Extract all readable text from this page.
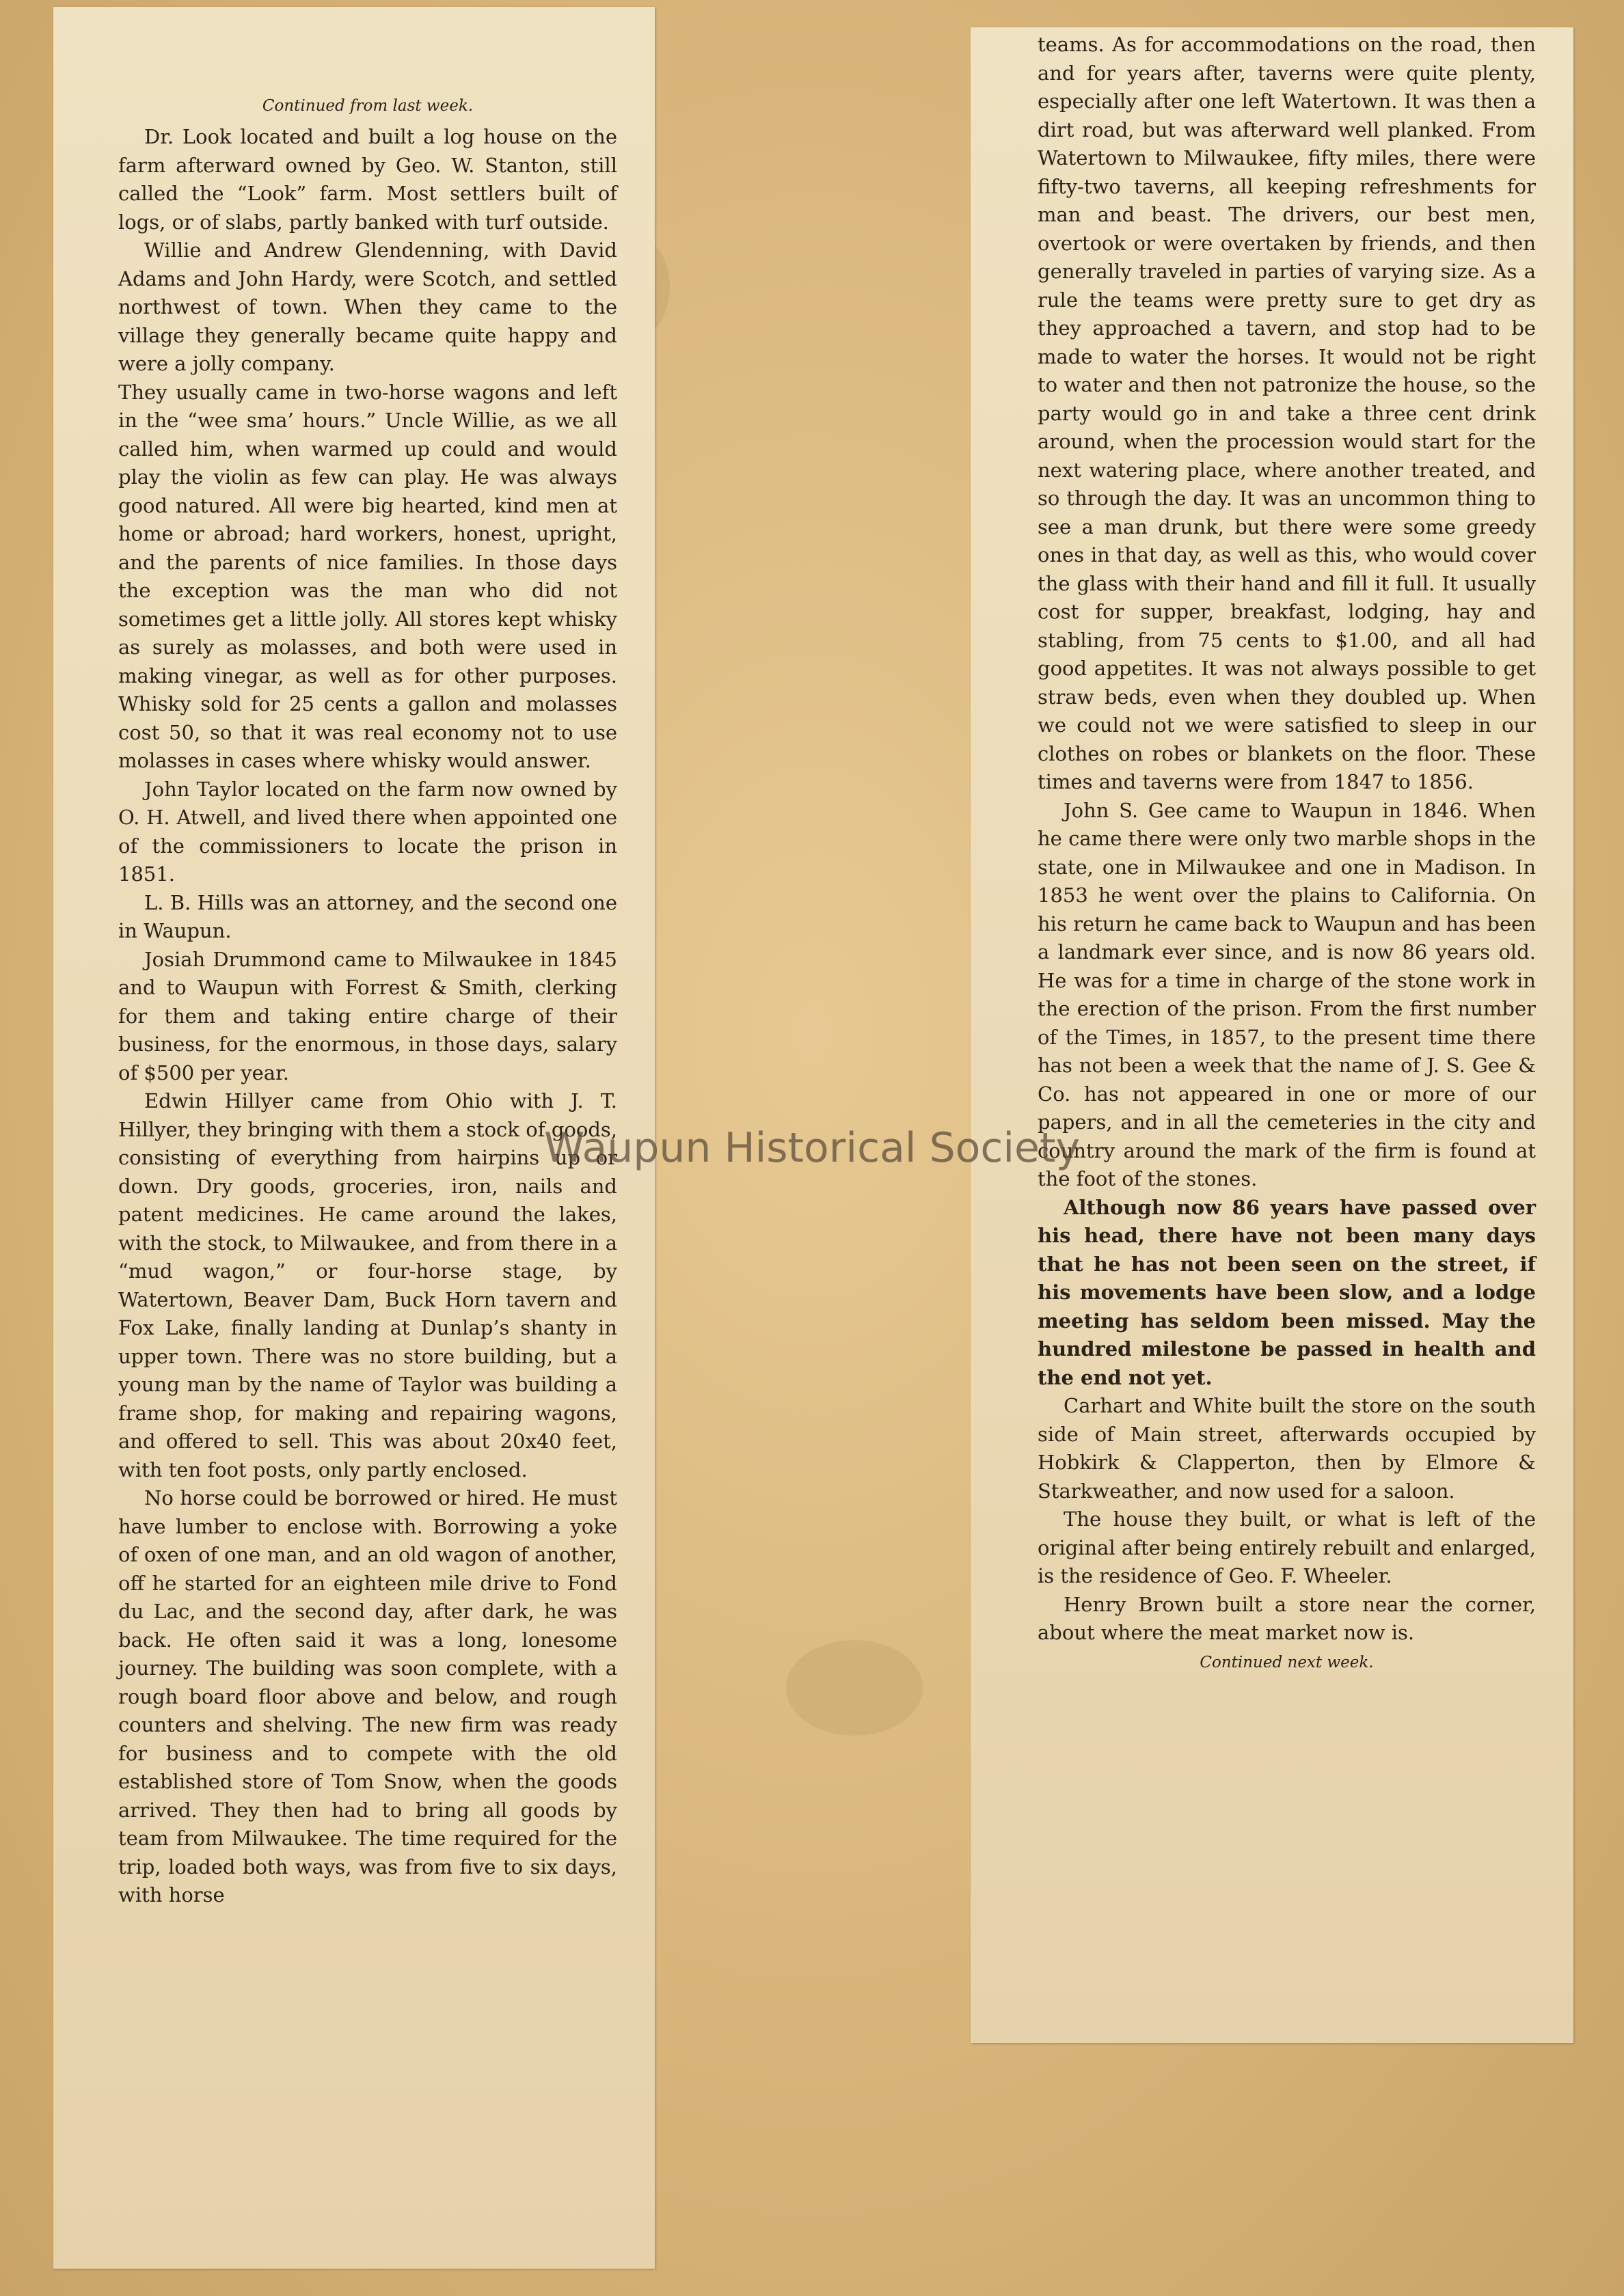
Continued from last week.

Dr. Look located and built a log house on the farm afterward owned by Geo. W. Stanton, still called the “Look” farm. Most settlers built of logs, or of slabs, partly banked with turf outside.

Willie and Andrew Glendenning, with David Adams and John Hardy, were Scotch, and settled northwest of town. When they came to the village they generally became quite happy and were a jolly company.

They usually came in two-horse wagons and left in the “wee sma’ hours.” Uncle Willie, as we all called him, when warmed up could and would play the violin as few can play. He was always good natured. All were big hearted, kind men at home or abroad; hard workers, honest, upright, and the parents of nice families. In those days the exception was the man who did not sometimes get a little jolly. All stores kept whisky as surely as molasses, and both were used in making vinegar, as well as for other purposes. Whisky sold for 25 cents a gallon and molasses cost 50, so that it was real economy not to use molasses in cases where whisky would answer.

John Taylor located on the farm now owned by O. H. Atwell, and lived there when appointed one of the commissioners to locate the prison in 1851.

L. B. Hills was an attorney, and the second one in Waupun.

Josiah Drummond came to Milwaukee in 1845 and to Waupun with Forrest & Smith, clerking for them and taking entire charge of their business, for the enormous, in those days, salary of $500 per year.

Edwin Hillyer came from Ohio with J. T. Hillyer, they bringing with them a stock of goods, consisting of everything from hairpins up or down. Dry goods, groceries, iron, nails and patent medicines. He came around the lakes, with the stock, to Milwaukee, and from there in a “mud wagon,” or four-horse stage, by Watertown, Beaver Dam, Buck Horn tavern and Fox Lake, finally landing at Dunlap’s shanty in upper town. There was no store building, but a young man by the name of Taylor was building a frame shop, for making and repairing wagons, and offered to sell. This was about 20x40 feet, with ten foot posts, only partly enclosed.

No horse could be borrowed or hired. He must have lumber to enclose with. Borrowing a yoke of oxen of one man, and an old wagon of another, off he started for an eighteen mile drive to Fond du Lac, and the second day, after dark, he was back. He often said it was a long, lonesome journey. The building was soon complete, with a rough board floor above and below, and rough counters and shelving. The new firm was ready for business and to compete with the old established store of Tom Snow, when the goods arrived. They then had to bring all goods by team from Milwaukee. The time required for the trip, loaded both ways, was from five to six days, with horse

teams. As for accommodations on the road, then and for years after, taverns were quite plenty, especially after one left Watertown. It was then a dirt road, but was afterward well planked. From Watertown to Milwaukee, fifty miles, there were fifty-two taverns, all keeping refreshments for man and beast. The drivers, our best men, overtook or were overtaken by friends, and then generally traveled in parties of varying size. As a rule the teams were pretty sure to get dry as they approached a tavern, and stop had to be made to water the horses. It would not be right to water and then not patronize the house, so the party would go in and take a three cent drink around, when the procession would start for the next watering place, where another treated, and so through the day. It was an uncommon thing to see a man drunk, but there were some greedy ones in that day, as well as this, who would cover the glass with their hand and fill it full. It usually cost for supper, breakfast, lodging, hay and stabling, from 75 cents to $1.00, and all had good appetites. It was not always possible to get straw beds, even when they doubled up. When we could not we were satisfied to sleep in our clothes on robes or blankets on the floor. These times and taverns were from 1847 to 1856.

John S. Gee came to Waupun in 1846. When he came there were only two marble shops in the state, one in Milwaukee and one in Madison. In 1853 he went over the plains to California. On his return he came back to Waupun and has been a landmark ever since, and is now 86 years old. He was for a time in charge of the stone work in the erection of the prison. From the first number of the Times, in 1857, to the present time there has not been a week that the name of J. S. Gee & Co. has not appeared in one or more of our papers, and in all the cemeteries in the city and country around the mark of the firm is found at the foot of the stones.

Although now 86 years have passed over his head, there have not been many days that he has not been seen on the street, if his movements have been slow, and a lodge meeting has seldom been missed. May the hundred milestone be passed in health and the end not yet.

Carhart and White built the store on the south side of Main street, afterwards occupied by Hobkirk & Clapperton, then by Elmore & Starkweather, and now used for a saloon.

The house they built, or what is left of the original after being entirely rebuilt and enlarged, is the residence of Geo. F. Wheeler.

Henry Brown built a store near the corner, about where the meat market now is.

Continued next week.

Waupun Historical Society
